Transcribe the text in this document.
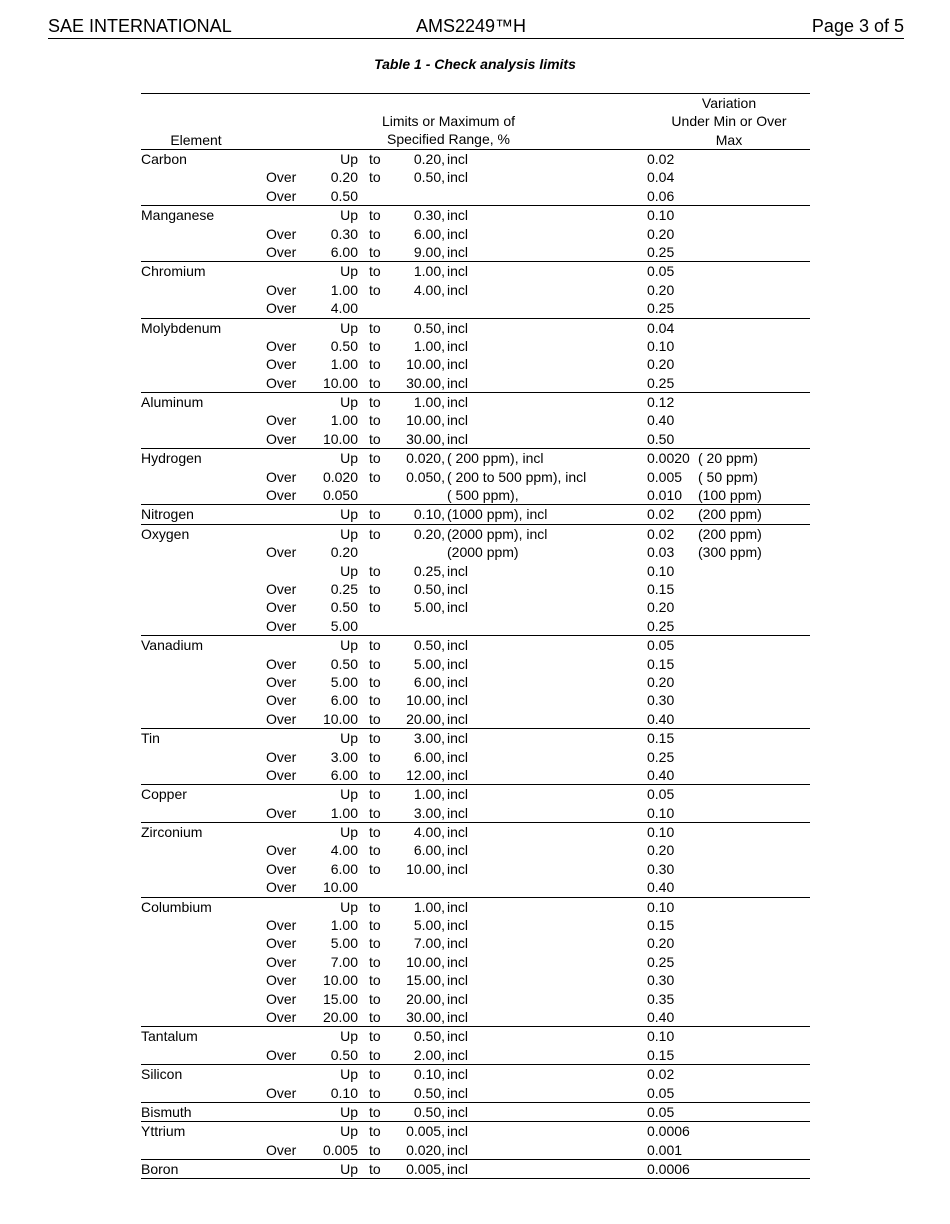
SAE INTERNATIONAL	AMS2249™H	Page 3 of 5
Table 1 - Check analysis limits
Element
Limits or Maximum of
Specified Range, %
Variation
Under Min or Over
Max
Carbon	Up to 0.20, incl	0.02
Over 0.20 to 0.50, incl	0.04
Over 0.50	0.06
Manganese	Up to 0.30, incl	0.10
Over 0.30 to 6.00, incl	0.20
Over 6.00 to 9.00, incl	0.25
Chromium	Up to 1.00, incl	0.05
Over 1.00 to 4.00, incl	0.20
Over 4.00	0.25
Molybdenum	Up to 0.50, incl	0.04
Over 0.50 to 1.00, incl	0.10
Over 1.00 to 10.00, incl	0.20
Over 10.00 to 30.00, incl	0.25
Aluminum	Up to 1.00, incl	0.12
Over 1.00 to 10.00, incl	0.40
Over 10.00 to 30.00, incl	0.50
Hydrogen	Up to 0.020, ( 200 ppm), incl	0.0020 ( 20 ppm)
Over 0.020 to 0.050, ( 200 to 500 ppm), incl	0.005 ( 50 ppm)
Over 0.050	( 500 ppm),	0.010 (100 ppm)
Nitrogen	Up to 0.10, (1000 ppm), incl	0.02 (200 ppm)
Oxygen	Up to 0.20, (2000 ppm), incl	0.02 (200 ppm)
Over 0.20	(2000 ppm)	0.03 (300 ppm)
Up to 0.25, incl	0.10
Over 0.25 to 0.50, incl	0.15
Over 0.50 to 5.00, incl	0.20
Over 5.00	0.25
Vanadium	Up to 0.50, incl	0.05
Over 0.50 to 5.00, incl	0.15
Over 5.00 to 6.00, incl	0.20
Over 6.00 to 10.00, incl	0.30
Over 10.00 to 20.00, incl	0.40
Tin	Up to 3.00, incl	0.15
Over 3.00 to 6.00, incl	0.25
Over 6.00 to 12.00, incl	0.40
Copper	Up to 1.00, incl	0.05
Over 1.00 to 3.00, incl	0.10
Zirconium	Up to 4.00, incl	0.10
Over 4.00 to 6.00, incl	0.20
Over 6.00 to 10.00, incl	0.30
Over 10.00	0.40
Columbium	Up to 1.00, incl	0.10
Over 1.00 to 5.00, incl	0.15
Over 5.00 to 7.00, incl	0.20
Over 7.00 to 10.00, incl	0.25
Over 10.00 to 15.00, incl	0.30
Over 15.00 to 20.00, incl	0.35
Over 20.00 to 30.00, incl	0.40
Tantalum	Up to 0.50, incl	0.10
Over 0.50 to 2.00, incl	0.15
Silicon	Up to 0.10, incl	0.02
Over 0.10 to 0.50, incl	0.05
Bismuth	Up to 0.50, incl	0.05
Yttrium	Up to 0.005, incl	0.0006
Over 0.005 to 0.020, incl	0.001
Boron	Up to 0.005, incl	0.0006
